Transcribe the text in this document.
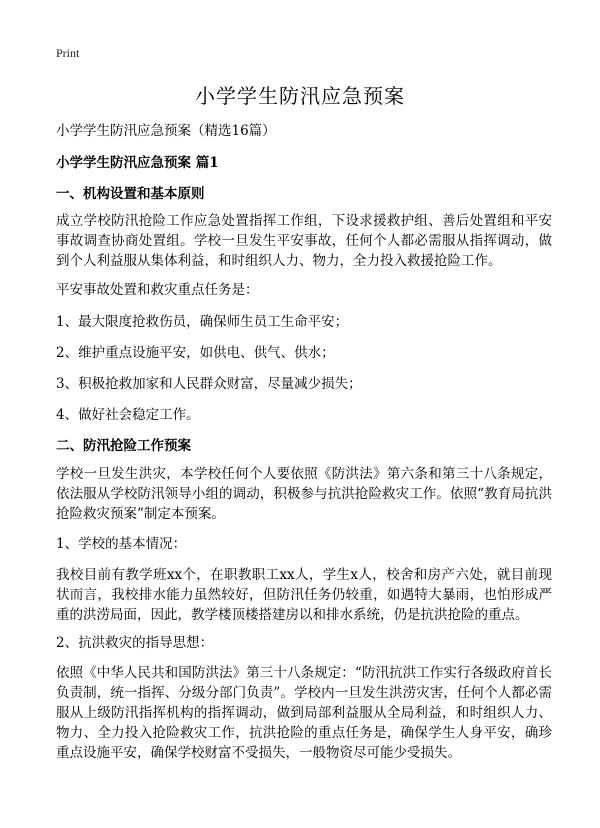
Print
小学学生防汛应急预案
小学学生防汛应急预案（精选16篇）
小学学生防汛应急预案 篇1
一、机构设置和基本原则
成立学校防汛抢险工作应急处置指挥工作组，下设求援救护组、善后处置组和平安事故调查协商处置组。学校一旦发生平安事故，任何个人都必需服从指挥调动，做到个人利益服从集体利益，和时组织人力、物力，全力投入救援抢险工作。
平安事故处置和救灾重点任务是：
1、最大限度抢救伤员，确保师生员工生命平安；
2、维护重点设施平安，如供电、供气、供水；
3、积极抢救加家和人民群众财富，尽量减少损失；
4、做好社会稳定工作。
二、防汛抢险工作预案
学校一旦发生洪灾，本学校任何个人要依照《防洪法》第六条和第三十八条规定，依法服从学校防汛领导小组的调动，积极参与抗洪抢险救灾工作。依照“教育局抗洪抢险救灾预案”制定本预案。
1、学校的基本情况：
我校目前有教学班xx个，在职教职工xx人，学生x人，校舍和房产六处，就目前现状而言，我校排水能力虽然较好，但防汛任务仍较重，如遇特大暴雨，也怕形成严重的洪涝局面，因此，教学楼顶楼搭建房以和排水系统，仍是抗洪抢险的重点。
2、抗洪救灾的指导思想：
依照《中华人民共和国防洪法》第三十八条规定：“防汛抗洪工作实行各级政府首长负责制，统一指挥、分级分部门负责”。学校内一旦发生洪涝灾害，任何个人都必需服从上级防汛指挥机构的指挥调动，做到局部利益服从全局利益，和时组织人力、物力、全力投入抢险救灾工作，抗洪抢险的重点任务是，确保学生人身平安，确珍重点设施平安，确保学校财富不受损失，一般物资尽可能少受损失。
